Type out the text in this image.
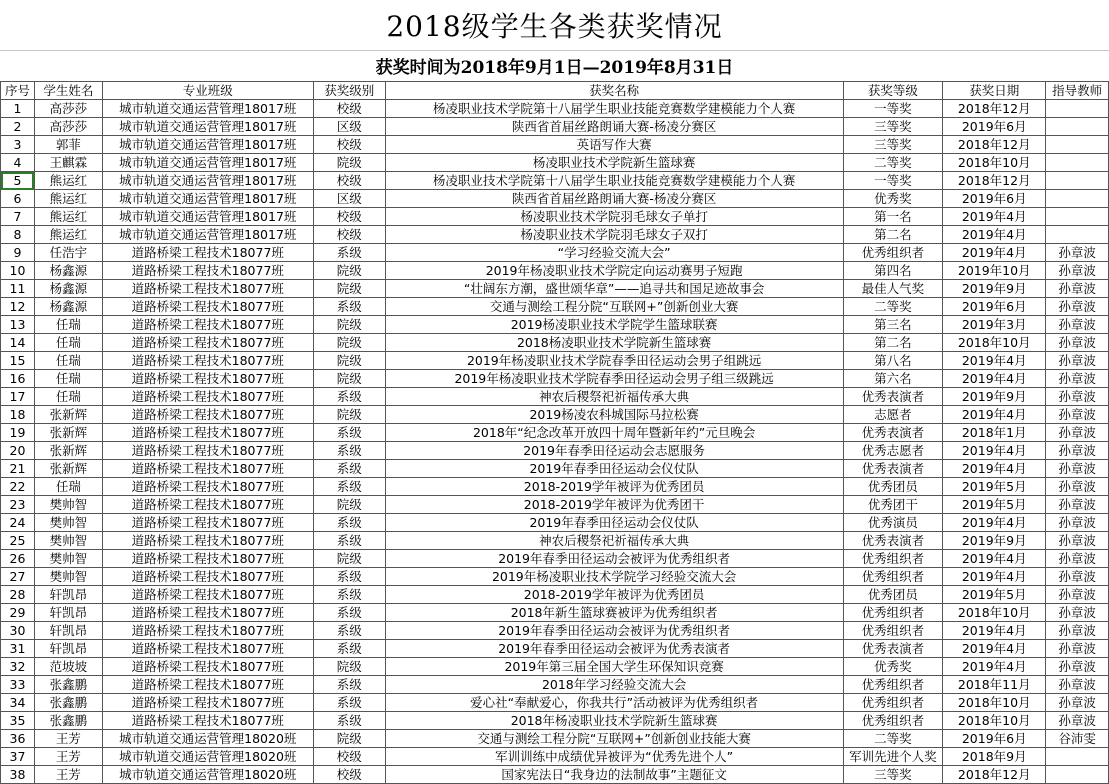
2018级学生各类获奖情况
获奖时间为2018年9月1日—2019年8月31日
序号	学生姓名	专业班级	获奖级别	获奖名称	获奖等级	获奖日期	指导教师
1	高莎莎	城市轨道交通运营管理18017班	校级	杨凌职业技术学院第十八届学生职业技能竞赛数学建模能力个人赛	一等奖	2018年12月	
2	高莎莎	城市轨道交通运营管理18017班	区级	陕西省首届丝路朗诵大赛-杨凌分赛区	三等奖	2019年6月	
3	郭菲	城市轨道交通运营管理18017班	校级	英语写作大赛	三等奖	2018年12月	
4	王麒霖	城市轨道交通运营管理18017班	院级	杨凌职业技术学院新生篮球赛	二等奖	2018年10月	
5	熊运红	城市轨道交通运营管理18017班	校级	杨凌职业技术学院第十八届学生职业技能竞赛数学建模能力个人赛	一等奖	2018年12月	
6	熊运红	城市轨道交通运营管理18017班	区级	陕西省首届丝路朗诵大赛-杨凌分赛区	优秀奖	2019年6月	
7	熊运红	城市轨道交通运营管理18017班	校级	杨凌职业技术学院羽毛球女子单打	第一名	2019年4月	
8	熊运红	城市轨道交通运营管理18017班	校级	杨凌职业技术学院羽毛球女子双打	第二名	2019年4月	
9	任浩宇	道路桥梁工程技术18077班	系级	“学习经验交流大会”	优秀组织者	2019年4月	孙章波
10	杨鑫源	道路桥梁工程技术18077班	院级	2019年杨凌职业技术学院定向运动赛男子短跑	第四名	2019年10月	孙章波
11	杨鑫源	道路桥梁工程技术18077班	院级	“壮阔东方潮，盛世颂华章”——追寻共和国足迹故事会	最佳人气奖	2019年9月	孙章波
12	杨鑫源	道路桥梁工程技术18077班	系级	交通与测绘工程分院“互联网+”创新创业大赛	二等奖	2019年6月	孙章波
13	任瑞	道路桥梁工程技术18077班	院级	2019杨凌职业技术学院学生篮球联赛	第三名	2019年3月	孙章波
14	任瑞	道路桥梁工程技术18077班	院级	2018杨凌职业技术学院新生篮球赛	第二名	2018年10月	孙章波
15	任瑞	道路桥梁工程技术18077班	院级	2019年杨凌职业技术学院春季田径运动会男子组跳远	第八名	2019年4月	孙章波
16	任瑞	道路桥梁工程技术18077班	院级	2019年杨凌职业技术学院春季田径运动会男子组三级跳远	第六名	2019年4月	孙章波
17	任瑞	道路桥梁工程技术18077班	系级	神农后稷祭祀祈福传承大典	优秀表演者	2019年9月	孙章波
18	张新辉	道路桥梁工程技术18077班	院级	2019杨凌农科城国际马拉松赛	志愿者	2019年4月	孙章波
19	张新辉	道路桥梁工程技术18077班	系级	2018年“纪念改革开放四十周年暨新年约”元旦晚会	优秀表演者	2018年1月	孙章波
20	张新辉	道路桥梁工程技术18077班	系级	2019年春季田径运动会志愿服务	优秀志愿者	2019年4月	孙章波
21	张新辉	道路桥梁工程技术18077班	系级	2019年春季田径运动会仪仗队	优秀表演者	2019年4月	孙章波
22	任瑞	道路桥梁工程技术18077班	系级	2018-2019学年被评为优秀团员	优秀团员	2019年5月	孙章波
23	樊帅智	道路桥梁工程技术18077班	院级	2018-2019学年被评为优秀团干	优秀团干	2019年5月	孙章波
24	樊帅智	道路桥梁工程技术18077班	系级	2019年春季田径运动会仪仗队	优秀演员	2019年4月	孙章波
25	樊帅智	道路桥梁工程技术18077班	系级	神农后稷祭祀祈福传承大典	优秀表演者	2019年9月	孙章波
26	樊帅智	道路桥梁工程技术18077班	院级	2019年春季田径运动会被评为优秀组织者	优秀组织者	2019年4月	孙章波
27	樊帅智	道路桥梁工程技术18077班	系级	2019年杨凌职业技术学院学习经验交流大会	优秀组织者	2019年4月	孙章波
28	轩凯昂	道路桥梁工程技术18077班	系级	2018-2019学年被评为优秀团员	优秀团员	2019年5月	孙章波
29	轩凯昂	道路桥梁工程技术18077班	系级	2018年新生篮球赛被评为优秀组织者	优秀组织者	2018年10月	孙章波
30	轩凯昂	道路桥梁工程技术18077班	系级	2019年春季田径运动会被评为优秀组织者	优秀组织者	2019年4月	孙章波
31	轩凯昂	道路桥梁工程技术18077班	系级	2019年春季田径运动会被评为优秀表演者	优秀表演者	2019年4月	孙章波
32	范坡坡	道路桥梁工程技术18077班	院级	2019年第三届全国大学生环保知识竞赛	优秀奖	2019年4月	孙章波
33	张鑫鹏	道路桥梁工程技术18077班	系级	2018年学习经验交流大会	优秀组织者	2018年11月	孙章波
34	张鑫鹏	道路桥梁工程技术18077班	系级	爱心社“奉献爱心，你我共行”活动被评为优秀组织者	优秀组织者	2018年10月	孙章波
35	张鑫鹏	道路桥梁工程技术18077班	系级	2018年杨凌职业技术学院新生篮球赛	优秀组织者	2018年10月	孙章波
36	王芳	城市轨道交通运营管理18020班	院级	交通与测绘工程分院“互联网+”创新创业技能大赛	二等奖	2019年6月	谷沛雯
37	王芳	城市轨道交通运营管理18020班	校级	军训训练中成绩优异被评为“优秀先进个人”	军训先进个人奖	2018年9月	
38	王芳	城市轨道交通运营管理18020班	校级	国家宪法日“我身边的法制故事”主题征文	三等奖	2018年12月	
